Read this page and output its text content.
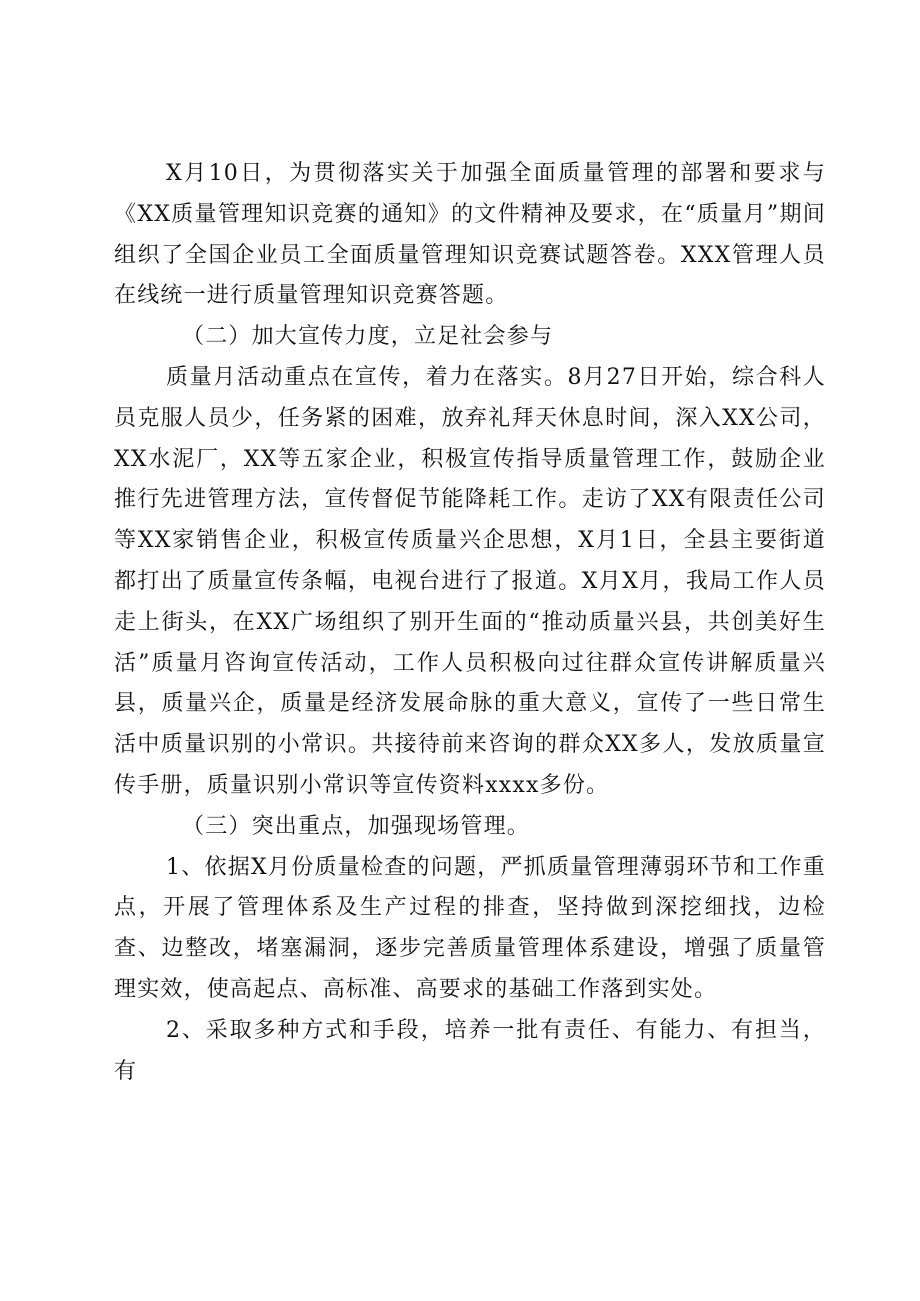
X月10日，为贯彻落实关于加强全面质量管理的部署和要求与《XX质量管理知识竞赛的通知》的文件精神及要求，在“质量月”期间组织了全国企业员工全面质量管理知识竞赛试题答卷。XXX管理人员在线统一进行质量管理知识竞赛答题。

（二）加大宣传力度，立足社会参与

质量月活动重点在宣传，着力在落实。8月27日开始，综合科人员克服人员少，任务紧的困难，放弃礼拜天休息时间，深入XX公司，XX水泥厂，XX等五家企业，积极宣传指导质量管理工作，鼓励企业推行先进管理方法，宣传督促节能降耗工作。走访了XX有限责任公司等XX家销售企业，积极宣传质量兴企思想，X月1日，全县主要街道都打出了质量宣传条幅，电视台进行了报道。X月X月，我局工作人员走上街头，在XX广场组织了别开生面的“推动质量兴县，共创美好生活”质量月咨询宣传活动，工作人员积极向过往群众宣传讲解质量兴县，质量兴企，质量是经济发展命脉的重大意义，宣传了一些日常生活中质量识别的小常识。共接待前来咨询的群众XX多人，发放质量宣传手册，质量识别小常识等宣传资料xxxx多份。

（三）突出重点，加强现场管理。

1、依据X月份质量检查的问题，严抓质量管理薄弱环节和工作重点，开展了管理体系及生产过程的排查，坚持做到深挖细找，边检查、边整改，堵塞漏洞，逐步完善质量管理体系建设，增强了质量管理实效，使高起点、高标准、高要求的基础工作落到实处。

2、采取多种方式和手段，培养一批有责任、有能力、有担当，有
